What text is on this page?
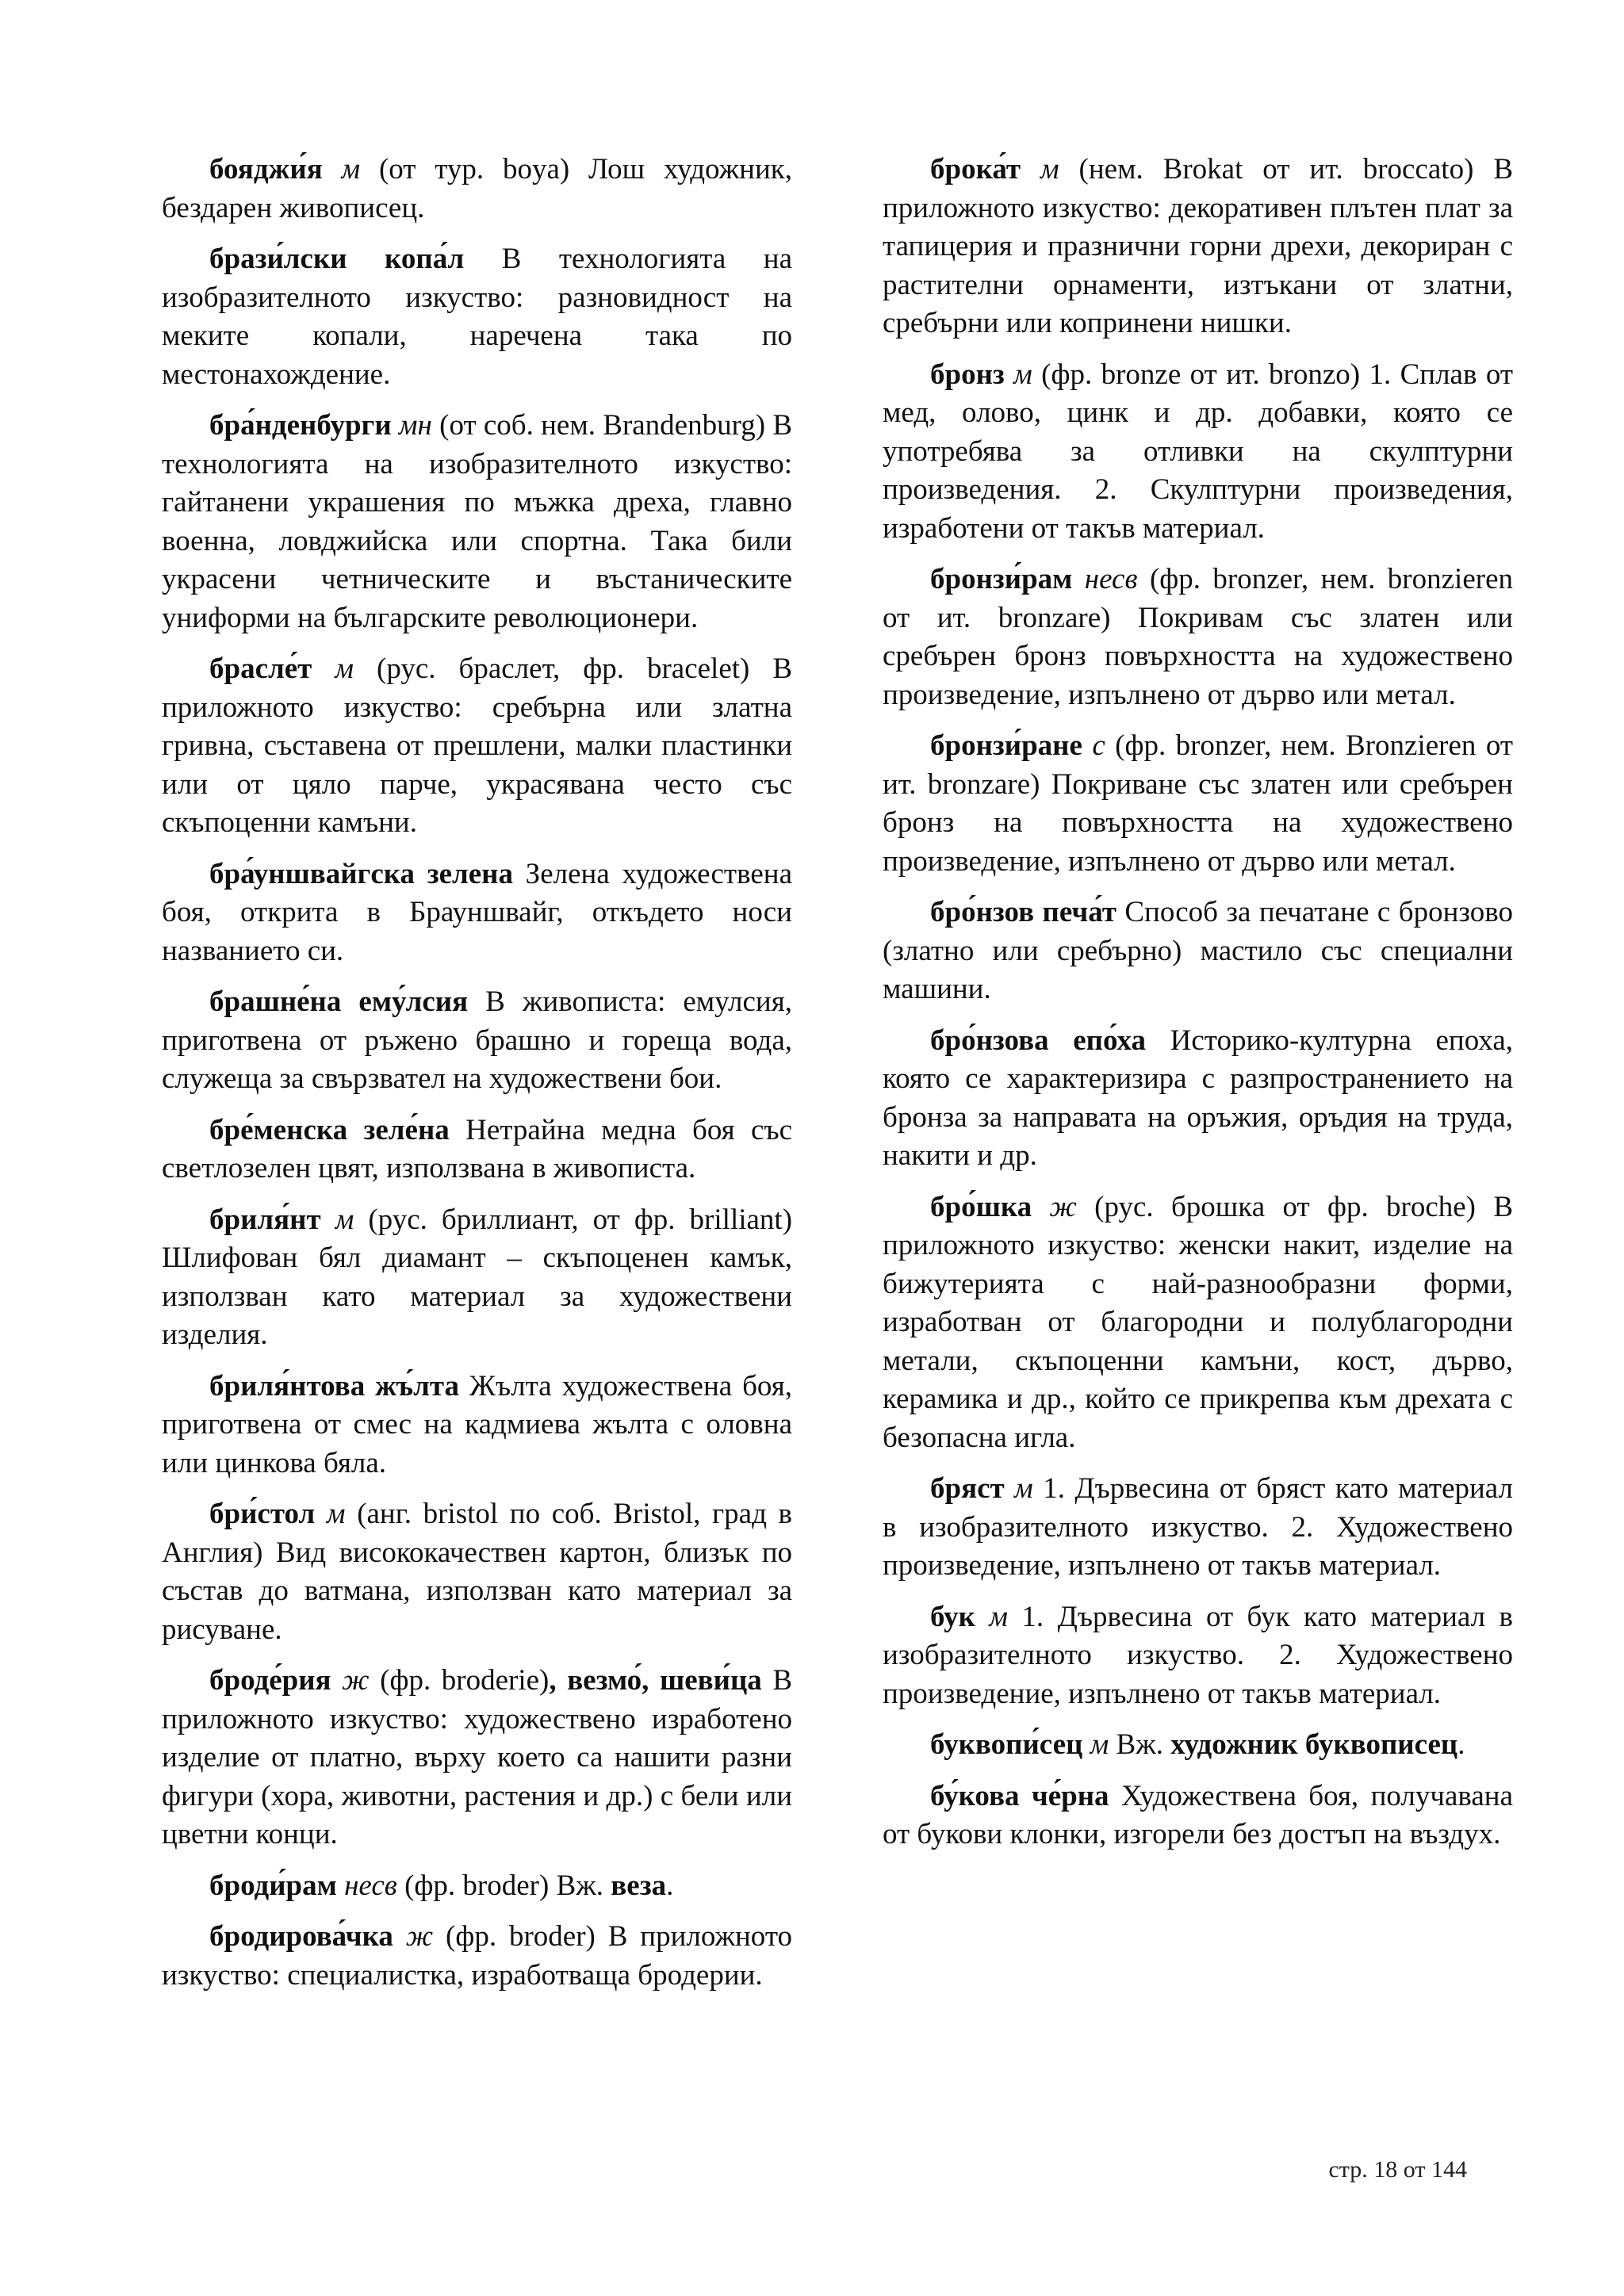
бояджи́я м (от тур. boya) Лош художник, бездарен живописец.

брази́лски копа́л В технологията на изобразителното изкуство: разновидност на меките копали, наречена така по местонахождение.

бра́нденбурги мн (от соб. нем. Brandenburg) В технологията на изобразителното изкуство: гайтанени украшения по мъжка дреха, главно военна, ловджийска или спортна. Така били украсени четническите и въстаническите униформи на българските революционери.

брасле́т м (рус. браслет, фр. bracelet) В приложното изкуство: сребърна или златна гривна, съставена от прешлени, малки пластинки или от цяло парче, украсявана често със скъпоценни камъни.

бра́уншвайгска зелена Зелена художествена боя, открита в Брауншвайг, откъдето носи названието си.

брашне́на ему́лсия В живописта: емулсия, приготвена от ръжено брашно и гореща вода, служеща за свързвател на художествени бои.

бре́менска зеле́на Нетрайна медна боя със светлозелен цвят, използвана в живописта.

бриля́нт м (рус. бриллиант, от фр. brilliant) Шлифован бял диамант – скъпоценен камък, използван като материал за художествени изделия.

бриля́нтова жъ́лта Жълта художествена боя, приготвена от смес на кадмиева жълта с оловна или цинкова бяла.

бри́стол м (анг. bristol по соб. Bristol, град в Англия) Вид висококачествен картон, близък по състав до ватмана, използван като материал за рисуване.

броде́рия ж (фр. broderie), везмо́, шеви́ца В приложното изкуство: художествено изработено изделие от платно, върху което са нашити разни фигури (хора, животни, растения и др.) с бели или цветни конци.

броди́рам несв (фр. broder) Вж. веза.

бродирова́чка ж (фр. broder) В приложното изкуство: специалистка, изработваща бродерии.

брока́т м (нем. Brokat от ит. broccato) В приложното изкуство: декоративен плътен плат за тапицерия и празнични горни дрехи, декориран с растителни орнаменти, изтъкани от златни, сребърни или копринени нишки.

бронз м (фр. bronze от ит. bronzo) 1. Сплав от мед, олово, цинк и др. добавки, която се употребява за отливки на скулптурни произведения. 2. Скулптурни произведения, изработени от такъв материал.

бронзи́рам несв (фр. bronzer, нем. bronzieren от ит. bronzare) Покривам със златен или сребърен бронз повърхността на художествено произведение, изпълнено от дърво или метал.

бронзи́ране с (фр. bronzer, нем. Bronzieren от ит. bronzare) Покриване със златен или сребърен бронз на повърхността на художествено произведение, изпълнено от дърво или метал.

бро́нзов печа́т Способ за печатане с бронзово (златно или сребърно) мастило със специални машини.

бро́нзова епо́ха Историко-културна епоха, която се характеризира с разпространението на бронза за направата на оръжия, оръдия на труда, накити и др.

бро́шка ж (рус. брошка от фр. broche) В приложното изкуство: женски накит, изделие на бижутерията с най-разнообразни форми, изработван от благородни и полублагородни метали, скъпоценни камъни, кост, дърво, керамика и др., който се прикрепва към дрехата с безопасна игла.

бряст м 1. Дървесина от бряст като материал в изобразителното изкуство. 2. Художествено произведение, изпълнено от такъв материал.

бук м 1. Дървесина от бук като материал в изобразителното изкуство. 2. Художествено произведение, изпълнено от такъв материал.

буквопи́сец м Вж. художник буквописец.

бу́кова че́рна Художествена боя, получавана от букови клонки, изгорели без достъп на въздух.

стр. 18 от 144
